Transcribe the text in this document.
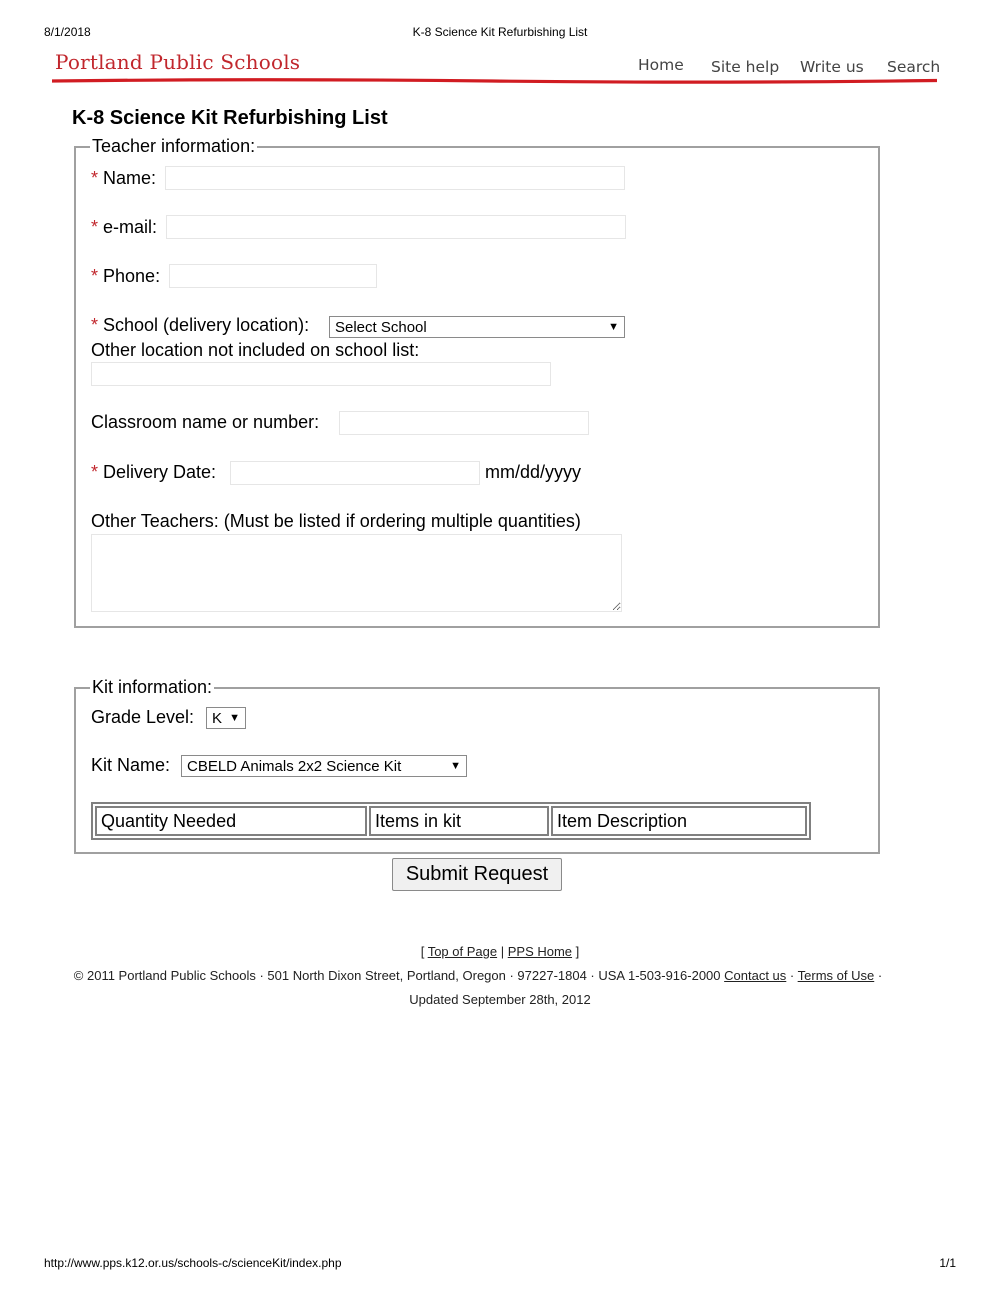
8/1/2018	K-8 Science Kit Refurbishing List
Portland Public Schools	Home Site help Write us Search
K-8 Science Kit Refurbishing List
Teacher information:
* Name:
* e-mail:
* Phone:
* School (delivery location): Select School	▼
Other location not included on school list:
Classroom name or number:
* Delivery Date:	mm/dd/yyyy
Other Teachers: (Must be listed if ordering multiple quantities)
Kit information:
Grade Level: K ▼
Kit Name: CBELD Animals 2x2 Science Kit	▼
Quantity Needed	Items in kit	Item Description
Submit Request
[ Top of Page | PPS Home ]
© 2011 Portland Public Schools · 501 North Dixon Street, Portland, Oregon · 97227-1804 · USA 1-503-916-2000 Contact us · Terms of Use ·
Updated September 28th, 2012
http://www.pps.k12.or.us/schools-c/scienceKit/index.php	1/1
